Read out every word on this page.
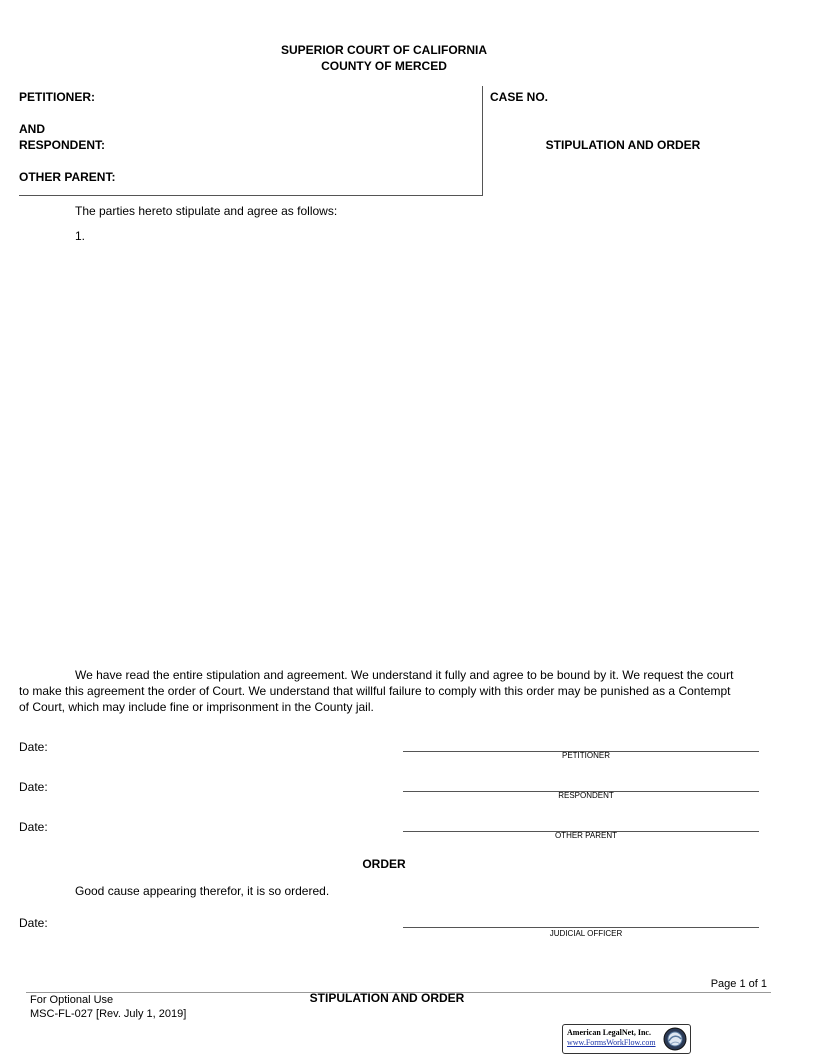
SUPERIOR COURT OF CALIFORNIA
COUNTY OF MERCED
PETITIONER:
AND
RESPONDENT:
OTHER PARENT:
CASE NO.
STIPULATION AND ORDER
The parties hereto stipulate and agree as follows:
1.
We have read the entire stipulation and agreement. We understand it fully and agree to be bound by it. We request the court to make this agreement the order of Court. We understand that willful failure to comply with this order may be punished as a Contempt of Court, which may include fine or imprisonment in the County jail.
Date:
PETITIONER
Date:
RESPONDENT
Date:
OTHER PARENT
ORDER
Good cause appearing therefor, it is so ordered.
Date:
JUDICIAL OFFICER
Page 1 of 1
For Optional Use
MSC-FL-027 [Rev. July 1, 2019]
STIPULATION AND ORDER
American LegalNet, Inc.
www.FormsWorkFlow.com
